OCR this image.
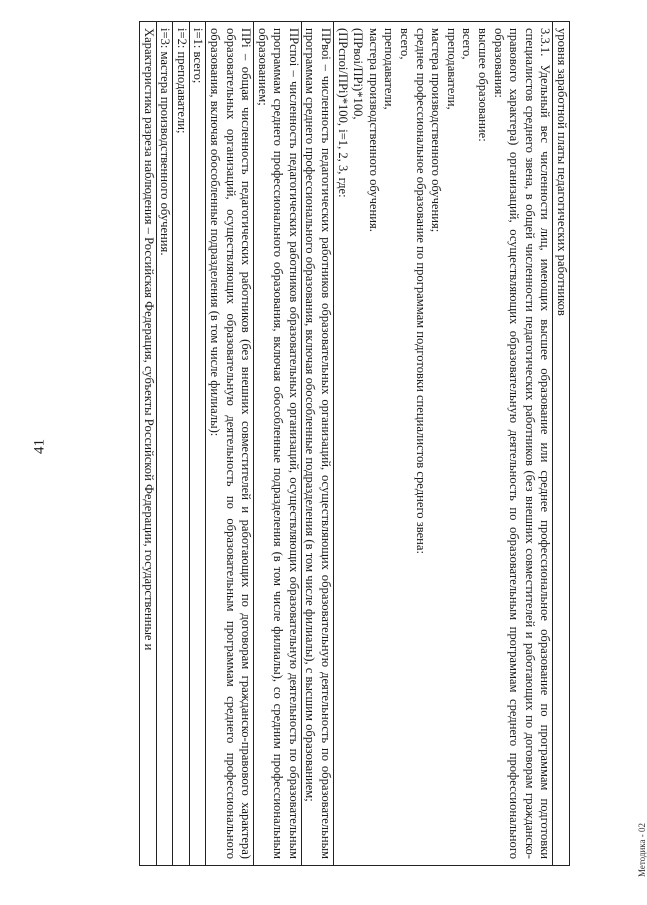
41

уровня заработной платы педагогических работников

3.3.1. Удельный вес численности лиц, имеющих высшее образование или среднее профессиональное образование по программам подготовки специалистов среднего звена, в общей численности педагогических работников (без внешних совместителей и работающих по договорам гражданско-правового характера) организаций, осуществляющих образовательную деятельность по образовательным программам среднего профессионального образования:

высшее образование:

всего,

преподаватели,

мастера производственного обучения;

среднее профессиональное образование по программам подготовки специалистов среднего звена:

всего,

преподаватели,

мастера производственного обучения.

(ПРвоi/ПРi)*100,

(ПРспоi/ПРi)*100, i=1, 2, 3, где:

ПРвоi – численность педагогических работников образовательных организаций, осуществляющих образовательную деятельность по образовательным программам среднего профессионального образования, включая обособленные подразделения (в том числе филиалы), с высшим образованием;

ПРспоi – численность педагогических работников образовательных организаций, осуществляющих образовательную деятельность по образовательным программам среднего профессионального образования, включая обособленные подразделения (в том числе филиалы), со средним профессиональным образованием;

ПРi – общая численность педагогических работников (без внешних совместителей и работающих по договорам гражданско-правового характера) образовательных организаций, осуществляющих образовательную деятельность по образовательным программам среднего профессионального образования, включая обособленные подразделения (в том числе филиалы):

i=1: всего;

i=2: преподаватели;

i=3: мастера производственного обучения.

Характеристика разреза наблюдения – Российская Федерация, субъекты Российской Федерации, государственные и

Методика - 02
